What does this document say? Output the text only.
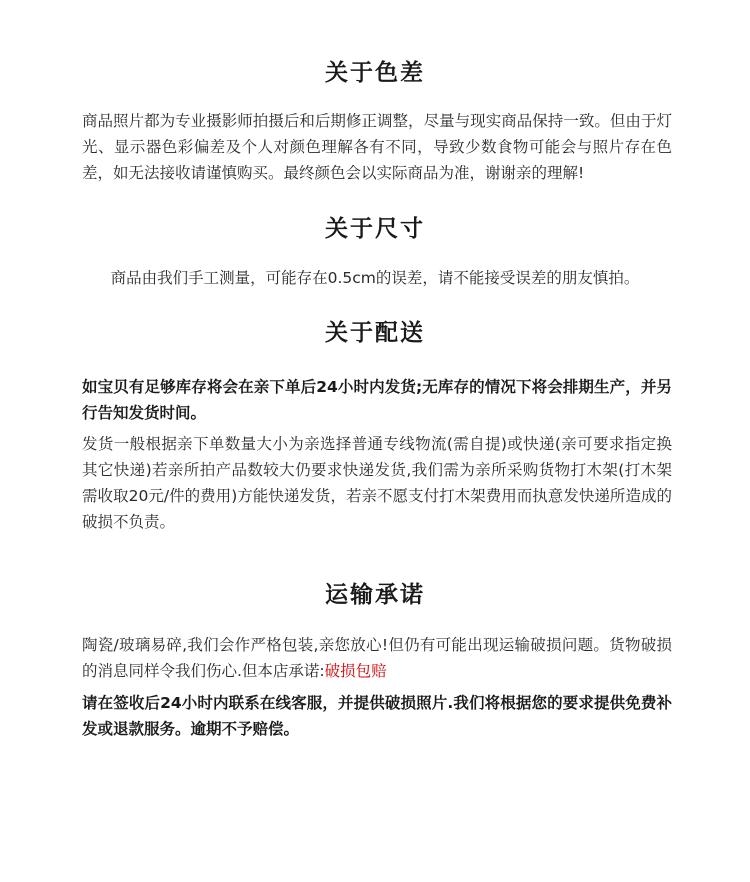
关于色差

商品照片都为专业摄影师拍摄后和后期修正调整，尽量与现实商品保持一致。但由于灯光、显示器色彩偏差及个人对颜色理解各有不同，导致少数食物可能会与照片存在色差，如无法接收请谨慎购买。最终颜色会以实际商品为准，谢谢亲的理解!

关于尺寸

商品由我们手工测量，可能存在0.5cm的误差，请不能接受误差的朋友慎拍。

关于配送

如宝贝有足够库存将会在亲下单后24小时内发货;无库存的情况下将会排期生产，并另行告知发货时间。

发货一般根据亲下单数量大小为亲选择普通专线物流(需自提)或快递(亲可要求指定换其它快递)若亲所拍产品数较大仍要求快递发货,我们需为亲所采购货物打木架(打木架需收取20元/件的费用)方能快递发货，若亲不愿支付打木架费用而执意发快递所造成的破损不负责。

运输承诺

陶瓷/玻璃易碎,我们会作严格包装,亲您放心!但仍有可能出现运输破损问题。货物破损的消息同样令我们伤心.但本店承诺:破损包赔

请在签收后24小时内联系在线客服，并提供破损照片.我们将根据您的要求提供免费补发或退款服务。逾期不予赔偿。
